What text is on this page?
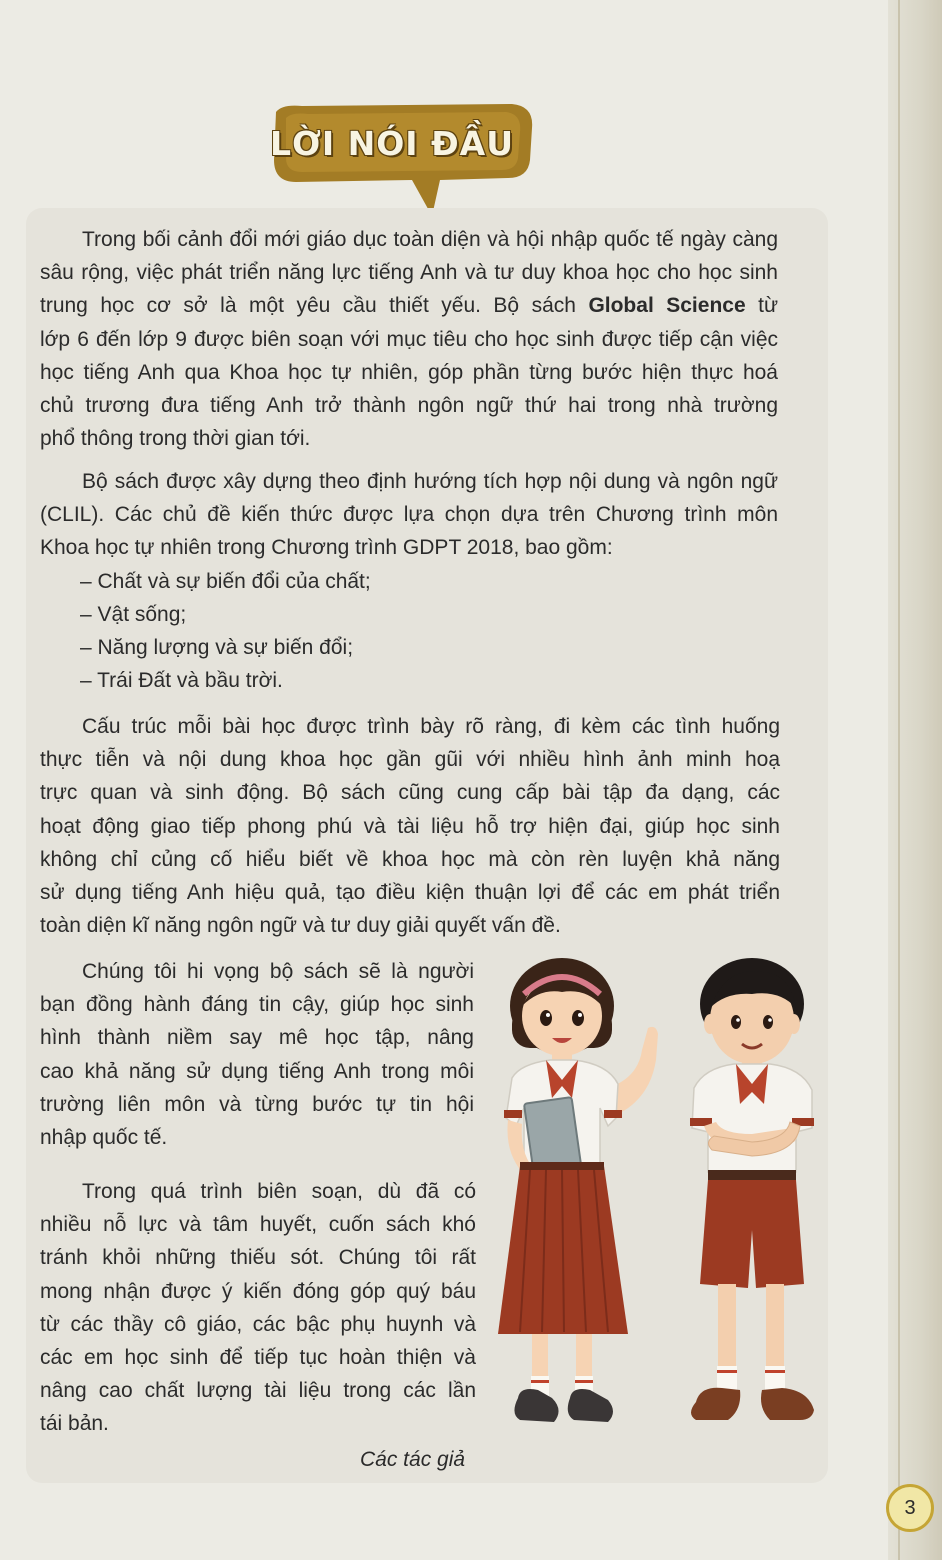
LỜI NÓI ĐẦU

Trong bối cảnh đổi mới giáo dục toàn diện và hội nhập quốc tế ngày càng

sâu rộng, việc phát triển năng lực tiếng Anh và tư duy khoa học cho học sinh

trung học cơ sở là một yêu cầu thiết yếu. Bộ sách Global Science từ

lớp 6 đến lớp 9 được biên soạn với mục tiêu cho học sinh được tiếp cận việc

học tiếng Anh qua Khoa học tự nhiên, góp phần từng bước hiện thực hoá

chủ trương đưa tiếng Anh trở thành ngôn ngữ thứ hai trong nhà trường

phổ thông trong thời gian tới.

Bộ sách được xây dựng theo định hướng tích hợp nội dung và ngôn ngữ

(CLIL). Các chủ đề kiến thức được lựa chọn dựa trên Chương trình môn

Khoa học tự nhiên trong Chương trình GDPT 2018, bao gồm:

– Chất và sự biến đổi của chất;

– Vật sống;

– Năng lượng và sự biến đổi;

– Trái Đất và bầu trời.

Cấu trúc mỗi bài học được trình bày rõ ràng, đi kèm các tình huống

thực tiễn và nội dung khoa học gần gũi với nhiều hình ảnh minh hoạ

trực quan và sinh động. Bộ sách cũng cung cấp bài tập đa dạng, các

hoạt động giao tiếp phong phú và tài liệu hỗ trợ hiện đại, giúp học sinh

không chỉ củng cố hiểu biết về khoa học mà còn rèn luyện khả năng

sử dụng tiếng Anh hiệu quả, tạo điều kiện thuận lợi để các em phát triển

toàn diện kĩ năng ngôn ngữ và tư duy giải quyết vấn đề.

Chúng tôi hi vọng bộ sách sẽ là người

bạn đồng hành đáng tin cậy, giúp học sinh

hình thành niềm say mê học tập, nâng

cao khả năng sử dụng tiếng Anh trong môi

trường liên môn và từng bước tự tin hội

nhập quốc tế.

Trong quá trình biên soạn, dù đã có

nhiều nỗ lực và tâm huyết, cuốn sách khó

tránh khỏi những thiếu sót. Chúng tôi rất

mong nhận được ý kiến đóng góp quý báu

từ các thầy cô giáo, các bậc phụ huynh và

các em học sinh để tiếp tục hoàn thiện và

nâng cao chất lượng tài liệu trong các lần

tái bản.

Các tác giả
3
